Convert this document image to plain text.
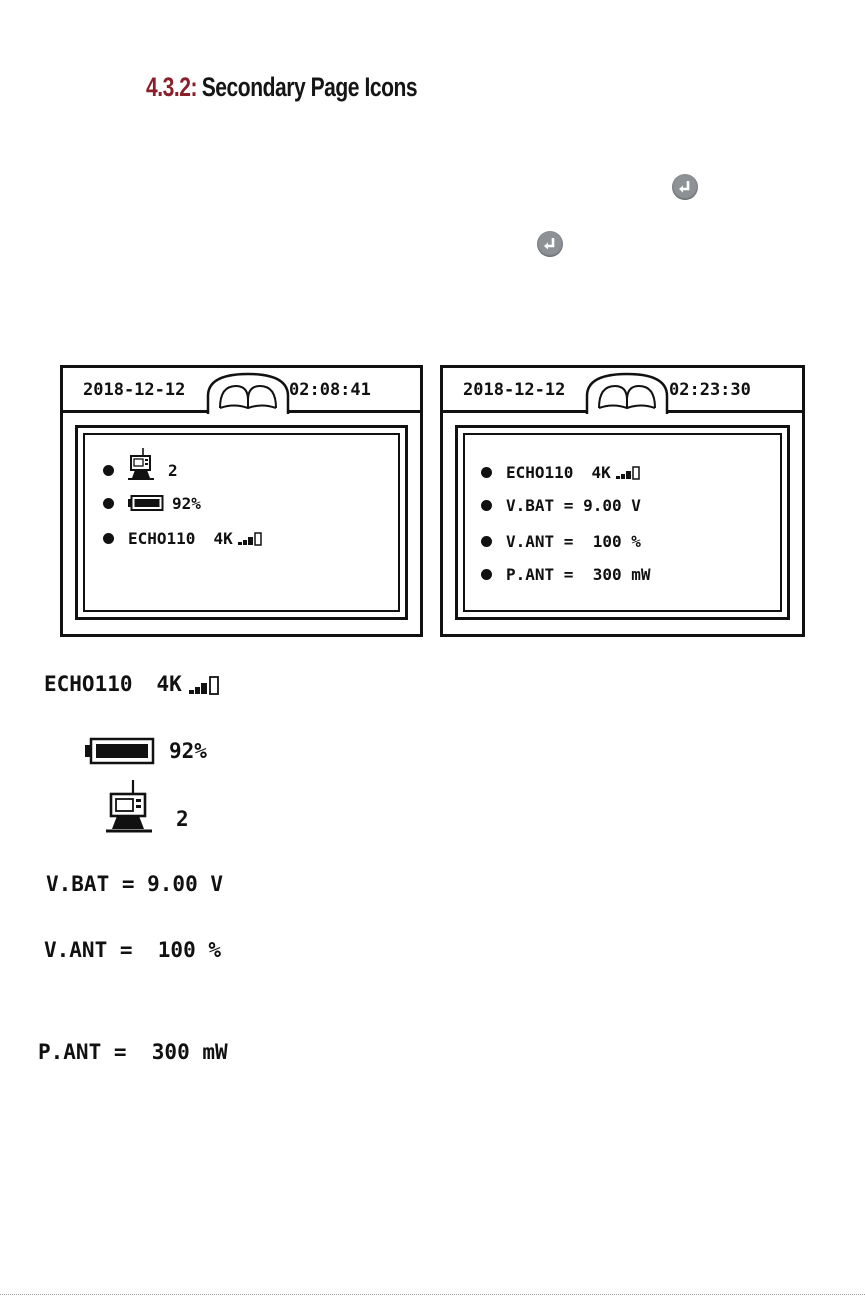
4.3.2: Secondary Page Icons
2018-12-12	02:08:41
2
92%
ECHO110 4K
2018-12-12	02:23:30
ECHO110 4K
V.BAT = 9.00 V
V.ANT =  100 %
P.ANT =  300 mW
ECHO110 4K
92%
2
V.BAT = 9.00 V
V.ANT =  100 %
P.ANT =  300 mW
